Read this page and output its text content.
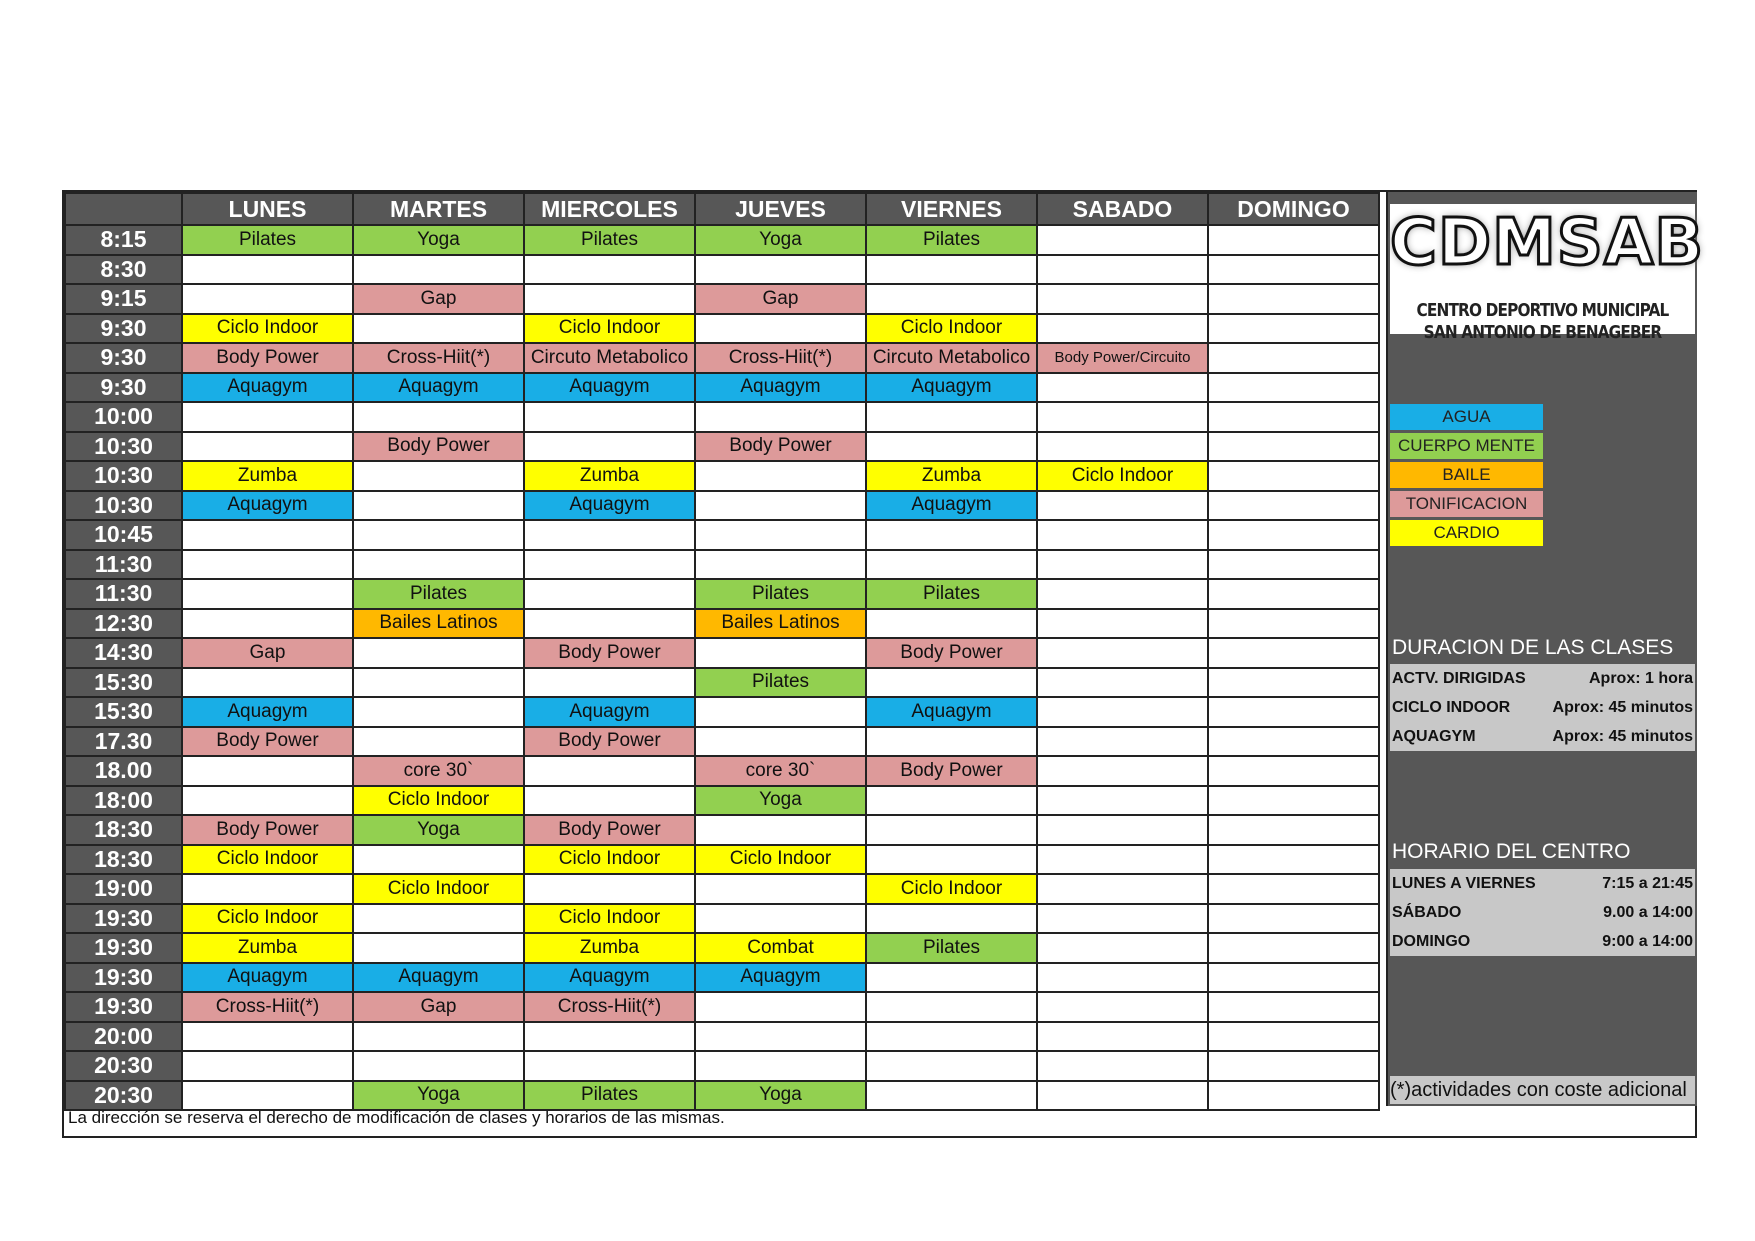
	LUNES	MARTES	MIERCOLES	JUEVES	VIERNES	SABADO	DOMINGO
8:15	Pilates	Yoga	Pilates	Yoga	Pilates		
8:30							
9:15		Gap		Gap			
9:30	Ciclo Indoor		Ciclo Indoor		Ciclo Indoor		
9:30	Body Power	Cross-Hiit(*)	Circuto Metabolico	Cross-Hiit(*)	Circuto Metabolico	Body Power/Circuito	
9:30	Aquagym	Aquagym	Aquagym	Aquagym	Aquagym		
10:00							
10:30		Body Power		Body Power			
10:30	Zumba		Zumba		Zumba	Ciclo Indoor	
10:30	Aquagym		Aquagym		Aquagym		
10:45							
11:30							
11:30		Pilates		Pilates	Pilates		
12:30		Bailes Latinos		Bailes Latinos			
14:30	Gap		Body Power		Body Power		
15:30				Pilates			
15:30	Aquagym		Aquagym		Aquagym		
17.30	Body Power		Body Power				
18.00		core 30`		core 30`	Body Power		
18:00		Ciclo Indoor		Yoga			
18:30	Body Power	Yoga	Body Power				
18:30	Ciclo Indoor		Ciclo Indoor	Ciclo Indoor			
19:00		Ciclo Indoor			Ciclo Indoor		
19:30	Ciclo Indoor		Ciclo Indoor				
19:30	Zumba		Zumba	Combat	Pilates		
19:30	Aquagym	Aquagym	Aquagym	Aquagym			
19:30	Cross-Hiit(*)	Gap	Cross-Hiit(*)				
20:00							
20:30							
20:30		Yoga	Pilates	Yoga			
CDMSAB
CENTRO DEPORTIVO MUNICIPAL
SAN ANTONIO DE BENAGEBER
AGUA
CUERPO MENTE
BAILE
TONIFICACION
CARDIO
DURACION DE LAS CLASES
ACTV. DIRIGIDAS	Aprox: 1 hora
CICLO INDOOR	Aprox: 45 minutos
AQUAGYM	Aprox: 45 minutos
HORARIO DEL CENTRO
LUNES A VIERNES	7:15 a 21:45
SÁBADO	9.00 a 14:00
DOMINGO	9:00 a 14:00
(*)actividades con coste adicional
La dirección se reserva el derecho de modificación de clases y horarios de las mismas.
